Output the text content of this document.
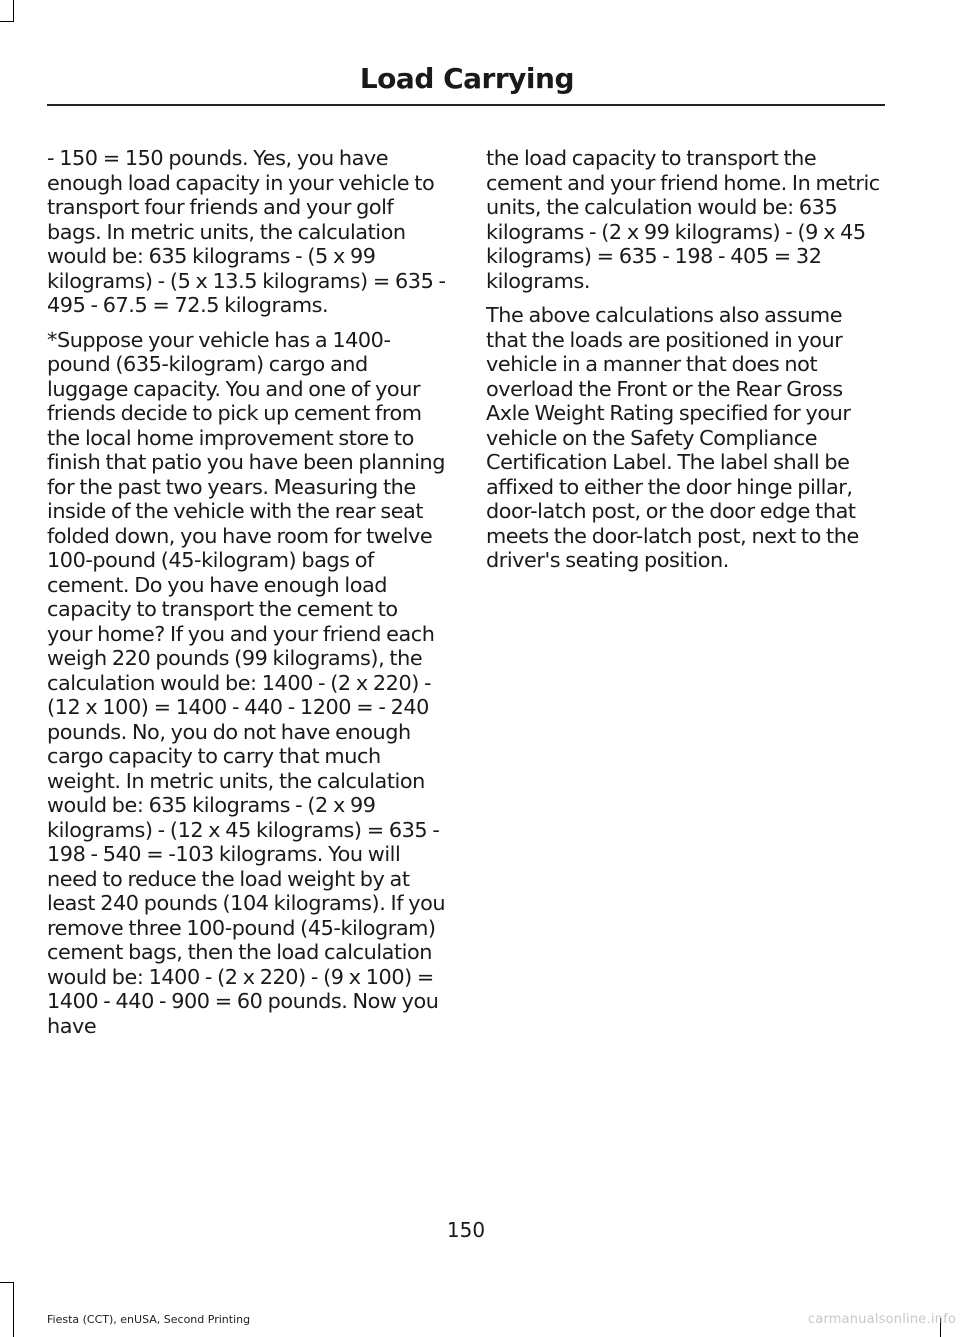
Load Carrying

- 150 = 150 pounds. Yes, you have enough load capacity in your vehicle to transport four friends and your golf bags. In metric units, the calculation would be: 635 kilograms - (5 x 99 kilograms) - (5 x 13.5 kilograms) = 635 - 495 - 67.5 = 72.5 kilograms.

*Suppose your vehicle has a 1400-pound (635-kilogram) cargo and luggage capacity. You and one of your friends decide to pick up cement from the local home improvement store to finish that patio you have been planning for the past two years. Measuring the inside of the vehicle with the rear seat folded down, you have room for twelve 100-pound (45-kilogram) bags of cement. Do you have enough load capacity to transport the cement to your home? If you and your friend each weigh 220 pounds (99 kilograms), the calculation would be: 1400 - (2 x 220) - (12 x 100) = 1400 - 440 - 1200 = - 240 pounds. No, you do not have enough cargo capacity to carry that much weight. In metric units, the calculation would be: 635 kilograms - (2 x 99 kilograms) - (12 x 45 kilograms) = 635 - 198 - 540 = -103 kilograms. You will need to reduce the load weight by at least 240 pounds (104 kilograms). If you remove three 100-pound (45-kilogram) cement bags, then the load calculation would be: 1400 - (2 x 220) - (9 x 100) = 1400 - 440 - 900 = 60 pounds. Now you have

the load capacity to transport the cement and your friend home. In metric units, the calculation would be: 635 kilograms - (2 x 99 kilograms) - (9 x 45 kilograms) = 635 - 198 - 405 = 32 kilograms.

The above calculations also assume that the loads are positioned in your vehicle in a manner that does not overload the Front or the Rear Gross Axle Weight Rating specified for your vehicle on the Safety Compliance Certification Label. The label shall be affixed to either the door hinge pillar, door-latch post, or the door edge that meets the door-latch post, next to the driver's seating position.

150
Fiesta (CCT), enUSA, Second Printing	carmanualsonline.info
